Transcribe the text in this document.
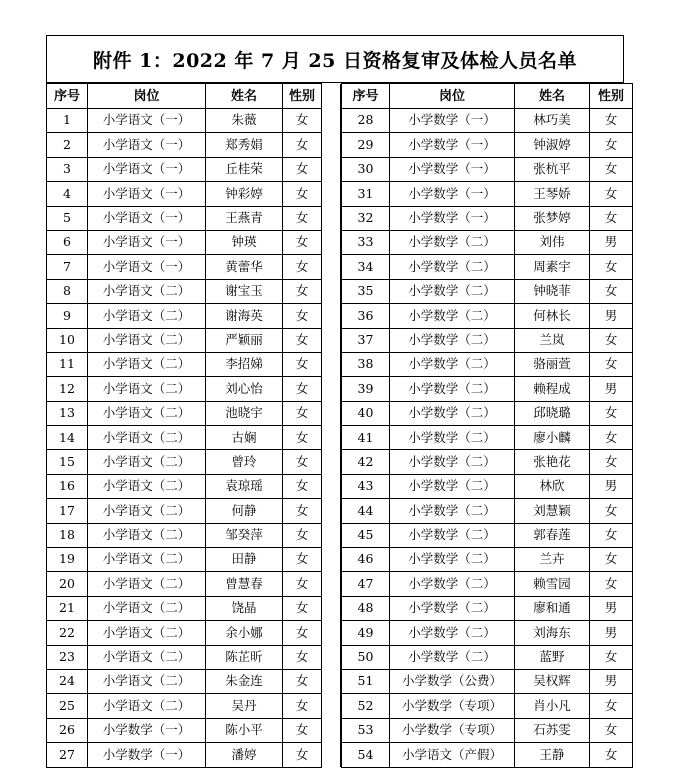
附件 1：2022 年 7 月 25 日资格复审及体检人员名单
序号	岗位	姓名	性别	
1	小学语文（一）	朱薇	女	
2	小学语文（一）	郑秀娟	女	
3	小学语文（一）	丘桂荣	女	
4	小学语文（一）	钟彩婷	女	
5	小学语文（一）	王燕青	女	
6	小学语文（一）	钟瑛	女	
7	小学语文（一）	黄蕾华	女	
8	小学语文（二）	谢宝玉	女	
9	小学语文（二）	谢海英	女	
10	小学语文（二）	严颖丽	女	
11	小学语文（二）	李招娣	女	
12	小学语文（二）	刘心怡	女	
13	小学语文（二）	池晓宇	女	
14	小学语文（二）	古娴	女	
15	小学语文（二）	曾玲	女	
16	小学语文（二）	袁琼瑶	女	
17	小学语文（二）	何静	女	
18	小学语文（二）	邹癸萍	女	
19	小学语文（二）	田静	女	
20	小学语文（二）	曾慧春	女	
21	小学语文（二）	饶晶	女	
22	小学语文（二）	余小娜	女	
23	小学语文（二）	陈芷昕	女	
24	小学语文（二）	朱金连	女	
25	小学语文（二）	吴丹	女	
26	小学数学（一）	陈小平	女	
27	小学数学（一）	潘婷	女	
序号	岗位	姓名	性别
28	小学数学（一）	林巧美	女
29	小学数学（一）	钟淑婷	女
30	小学数学（一）	张杭平	女
31	小学数学（一）	王琴娇	女
32	小学数学（一）	张梦婷	女
33	小学数学（二）	刘伟	男
34	小学数学（二）	周素宇	女
35	小学数学（二）	钟晓菲	女
36	小学数学（二）	何林长	男
37	小学数学（二）	兰岚	女
38	小学数学（二）	骆丽萱	女
39	小学数学（二）	赖程成	男
40	小学数学（二）	邱晓璐	女
41	小学数学（二）	廖小麟	女
42	小学数学（二）	张艳花	女
43	小学数学（二）	林欣	男
44	小学数学（二）	刘慧颖	女
45	小学数学（二）	郭春莲	女
46	小学数学（二）	兰卉	女
47	小学数学（二）	赖雪园	女
48	小学数学（二）	廖和通	男
49	小学数学（二）	刘海东	男
50	小学数学（二）	蓝野	女
51	小学数学（公费）	吴权辉	男
52	小学数学（专项）	肖小凡	女
53	小学数学（专项）	石苏雯	女
54	小学语文（产假）	王静	女
